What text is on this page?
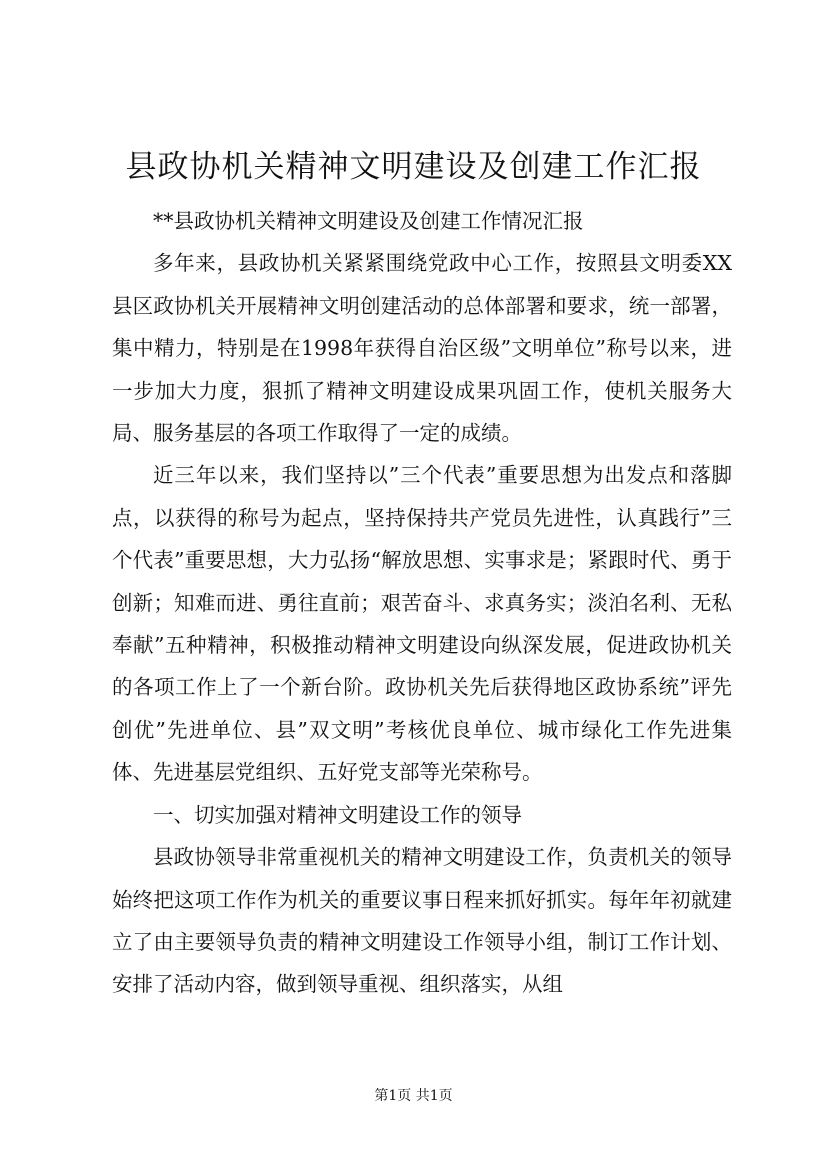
县政协机关精神文明建设及创建工作汇报

**县政协机关精神文明建设及创建工作情况汇报

多年来，县政协机关紧紧围绕党政中心工作，按照县文明委XX县区政协机关开展精神文明创建活动的总体部署和要求，统一部署，集中精力，特别是在1998年获得自治区级”文明单位”称号以来，进一步加大力度，狠抓了精神文明建设成果巩固工作，使机关服务大局、服务基层的各项工作取得了一定的成绩。

近三年以来，我们坚持以”三个代表”重要思想为出发点和落脚点，以获得的称号为起点，坚持保持共产党员先进性，认真践行”三个代表”重要思想，大力弘扬“解放思想、实事求是；紧跟时代、勇于创新；知难而进、勇往直前；艰苦奋斗、求真务实；淡泊名利、无私奉献”五种精神，积极推动精神文明建设向纵深发展，促进政协机关的各项工作上了一个新台阶。政协机关先后获得地区政协系统”评先创优”先进单位、县”双文明”考核优良单位、城市绿化工作先进集体、先进基层党组织、五好党支部等光荣称号。

一、切实加强对精神文明建设工作的领导

县政协领导非常重视机关的精神文明建设工作，负责机关的领导始终把这项工作作为机关的重要议事日程来抓好抓实。每年年初就建立了由主要领导负责的精神文明建设工作领导小组，制订工作计划、安排了活动内容，做到领导重视、组织落实，从组

第1页 共1页
